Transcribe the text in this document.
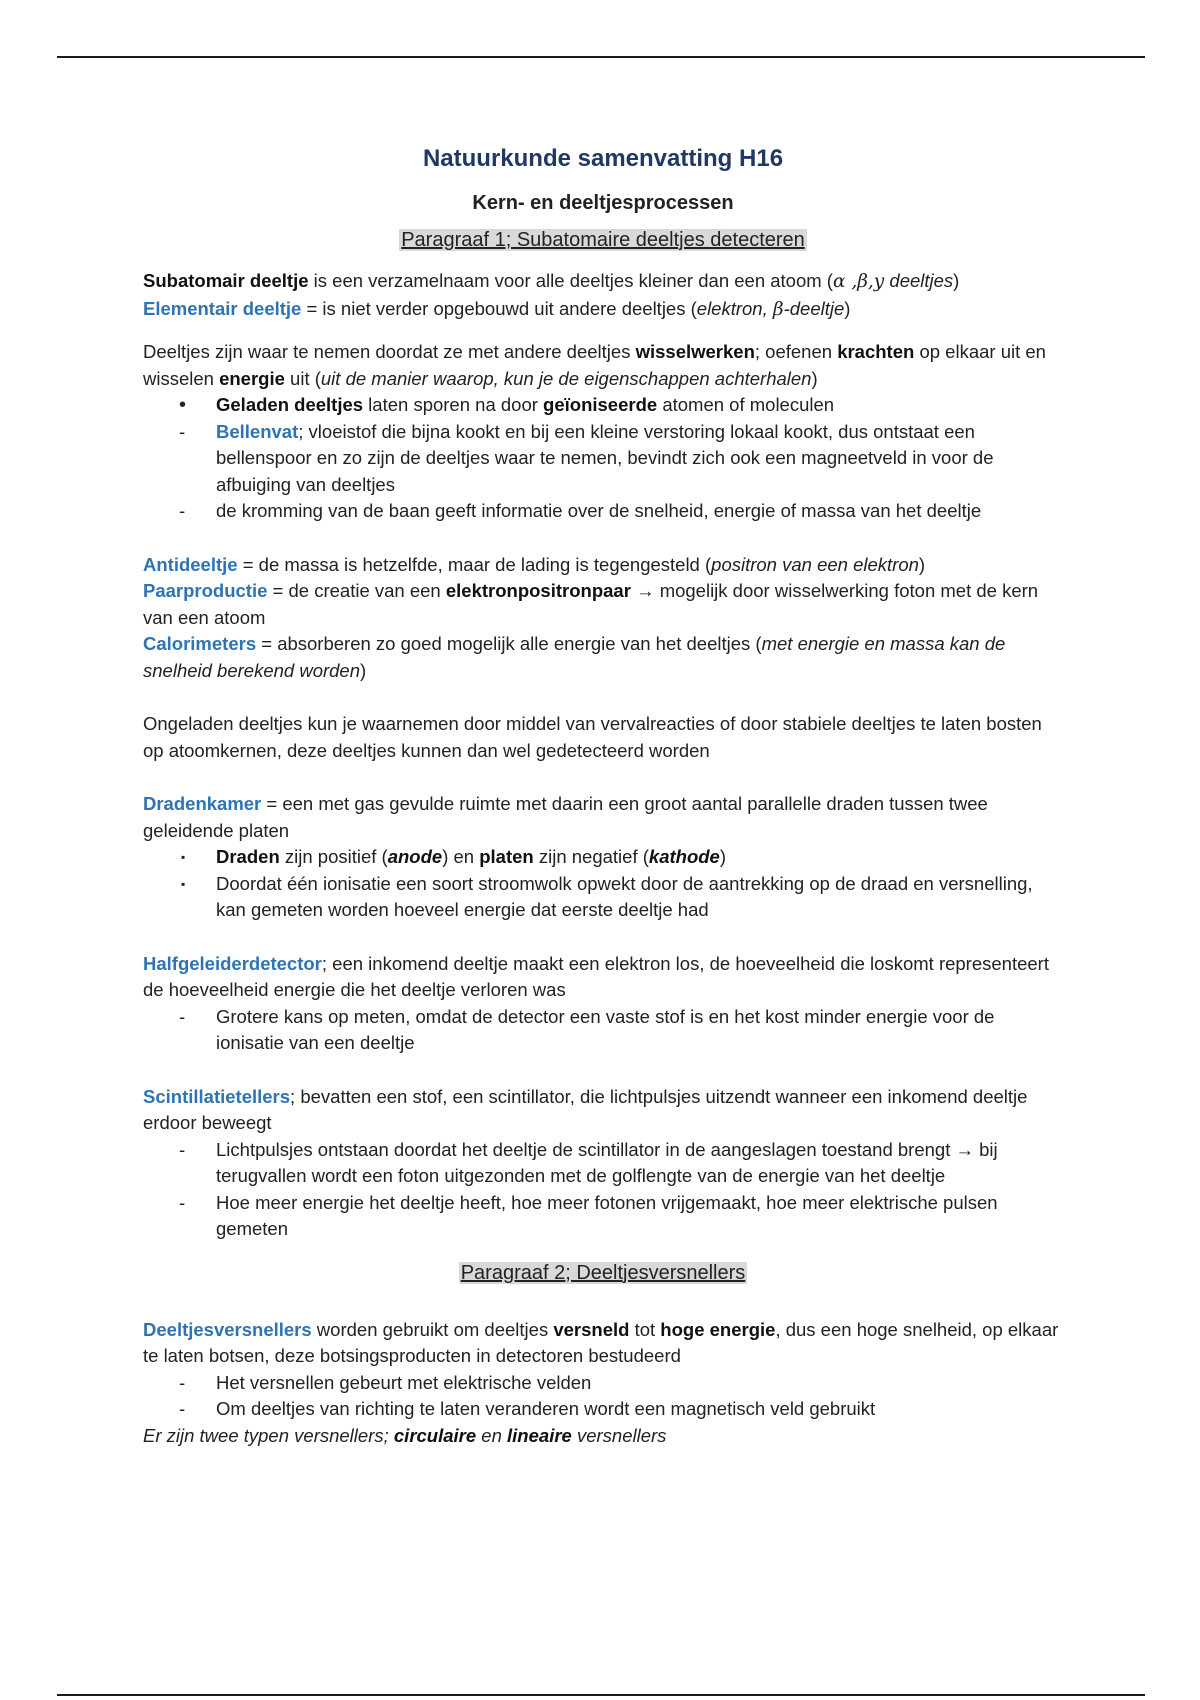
Natuurkunde samenvatting H16
Kern- en deeltjesprocessen
Paragraaf 1; Subatomaire deeltjes detecteren

Subatomair deeltje is een verzamelnaam voor alle deeltjes kleiner dan een atoom (α ,β,y deeltjes)

Elementair deeltje = is niet verder opgebouwd uit andere deeltjes (elektron, β-deeltje)

Deeltjes zijn waar te nemen doordat ze met andere deeltjes wisselwerken; oefenen krachten op elkaar uit en wisselen energie uit (uit de manier waarop, kun je de eigenschappen achterhalen)

• Geladen deeltjes laten sporen na door geïoniseerde atomen of moleculen
- Bellenvat; vloeistof die bijna kookt en bij een kleine verstoring lokaal kookt, dus ontstaat een bellenspoor en zo zijn de deeltjes waar te nemen, bevindt zich ook een magneetveld in voor de afbuiging van deeltjes
- de kromming van de baan geeft informatie over de snelheid, energie of massa van het deeltje

Antideeltje = de massa is hetzelfde, maar de lading is tegengesteld (positron van een elektron)

Paarproductie = de creatie van een elektronpositronpaar → mogelijk door wisselwerking foton met de kern van een atoom

Calorimeters = absorberen zo goed mogelijk alle energie van het deeltjes (met energie en massa kan de snelheid berekend worden)

Ongeladen deeltjes kun je waarnemen door middel van vervalreacties of door stabiele deeltjes te laten bosten op atoomkernen, deze deeltjes kunnen dan wel gedetecteerd worden

Dradenkamer = een met gas gevulde ruimte met daarin een groot aantal parallelle draden tussen twee geleidende platen

▪ Draden zijn positief (anode) en platen zijn negatief (kathode)
▪ Doordat één ionisatie een soort stroomwolk opwekt door de aantrekking op de draad en versnelling, kan gemeten worden hoeveel energie dat eerste deeltje had

Halfgeleiderdetector; een inkomend deeltje maakt een elektron los, de hoeveelheid die loskomt representeert de hoeveelheid energie die het deeltje verloren was

- Grotere kans op meten, omdat de detector een vaste stof is en het kost minder energie voor de ionisatie van een deeltje

Scintillatietellers; bevatten een stof, een scintillator, die lichtpulsjes uitzendt wanneer een inkomend deeltje erdoor beweegt

- Lichtpulsjes ontstaan doordat het deeltje de scintillator in de aangeslagen toestand brengt → bij terugvallen wordt een foton uitgezonden met de golflengte van de energie van het deeltje
- Hoe meer energie het deeltje heeft, hoe meer fotonen vrijgemaakt, hoe meer elektrische pulsen gemeten
Paragraaf 2; Deeltjesversnellers

Deeltjesversnellers worden gebruikt om deeltjes versneld tot hoge energie, dus een hoge snelheid, op elkaar te laten botsen, deze botsingsproducten in detectoren bestudeerd

- Het versnellen gebeurt met elektrische velden
- Om deeltjes van richting te laten veranderen wordt een magnetisch veld gebruikt

Er zijn twee typen versnellers; circulaire en lineaire versnellers
